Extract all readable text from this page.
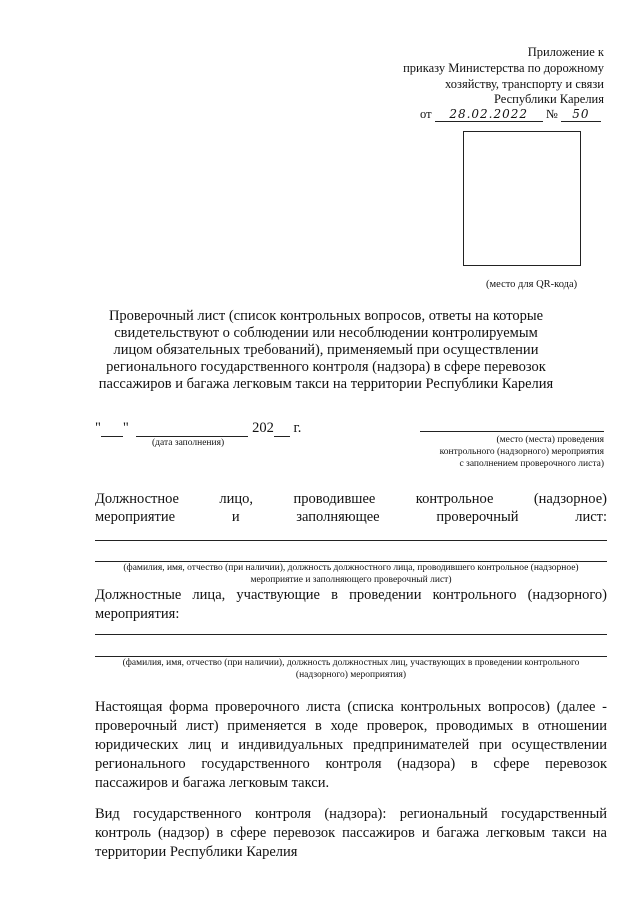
Приложение к
приказу Министерства по дорожному
хозяйству, транспорту и связи
Республики Карелия
от 28.02.2022 № 50
(место для QR-кода)
Проверочный лист (список контрольных вопросов, ответы на которые свидетельствуют о соблюдении или несоблюдении контролируемым лицом обязательных требований), применяемый при осуществлении регионального государственного контроля (надзора) в сфере перевозок пассажиров и багажа легковым такси на территории Республики Карелия
" "	202 г.
(дата заполнения)	(место (места) проведения
контрольного (надзорного) мероприятия
с заполнением проверочного листа)
Должностное	лицо,	проводившее	контрольное	(надзорное)
мероприятие	и	заполняющее	проверочный	лист:
(фамилия, имя, отчество (при наличии), должность должностного лица, проводившего контрольное (надзорное)
мероприятие и заполняющего проверочный лист)
Должностные лица, участвующие в проведении контрольного (надзорного)
мероприятия:
(фамилия, имя, отчество (при наличии), должность должностных лиц, участвующих в проведении контрольного
(надзорного) мероприятия)
Настоящая форма проверочного листа (списка контрольных вопросов) (далее - проверочный лист) применяется в ходе проверок, проводимых в отношении юридических лиц и индивидуальных предпринимателей при осуществлении регионального государственного контроля (надзора) в сфере перевозок пассажиров и багажа легковым такси.
Вид государственного контроля (надзора): региональный государственный контроль (надзор) в сфере перевозок пассажиров и багажа легковым такси на территории Республики Карелия
